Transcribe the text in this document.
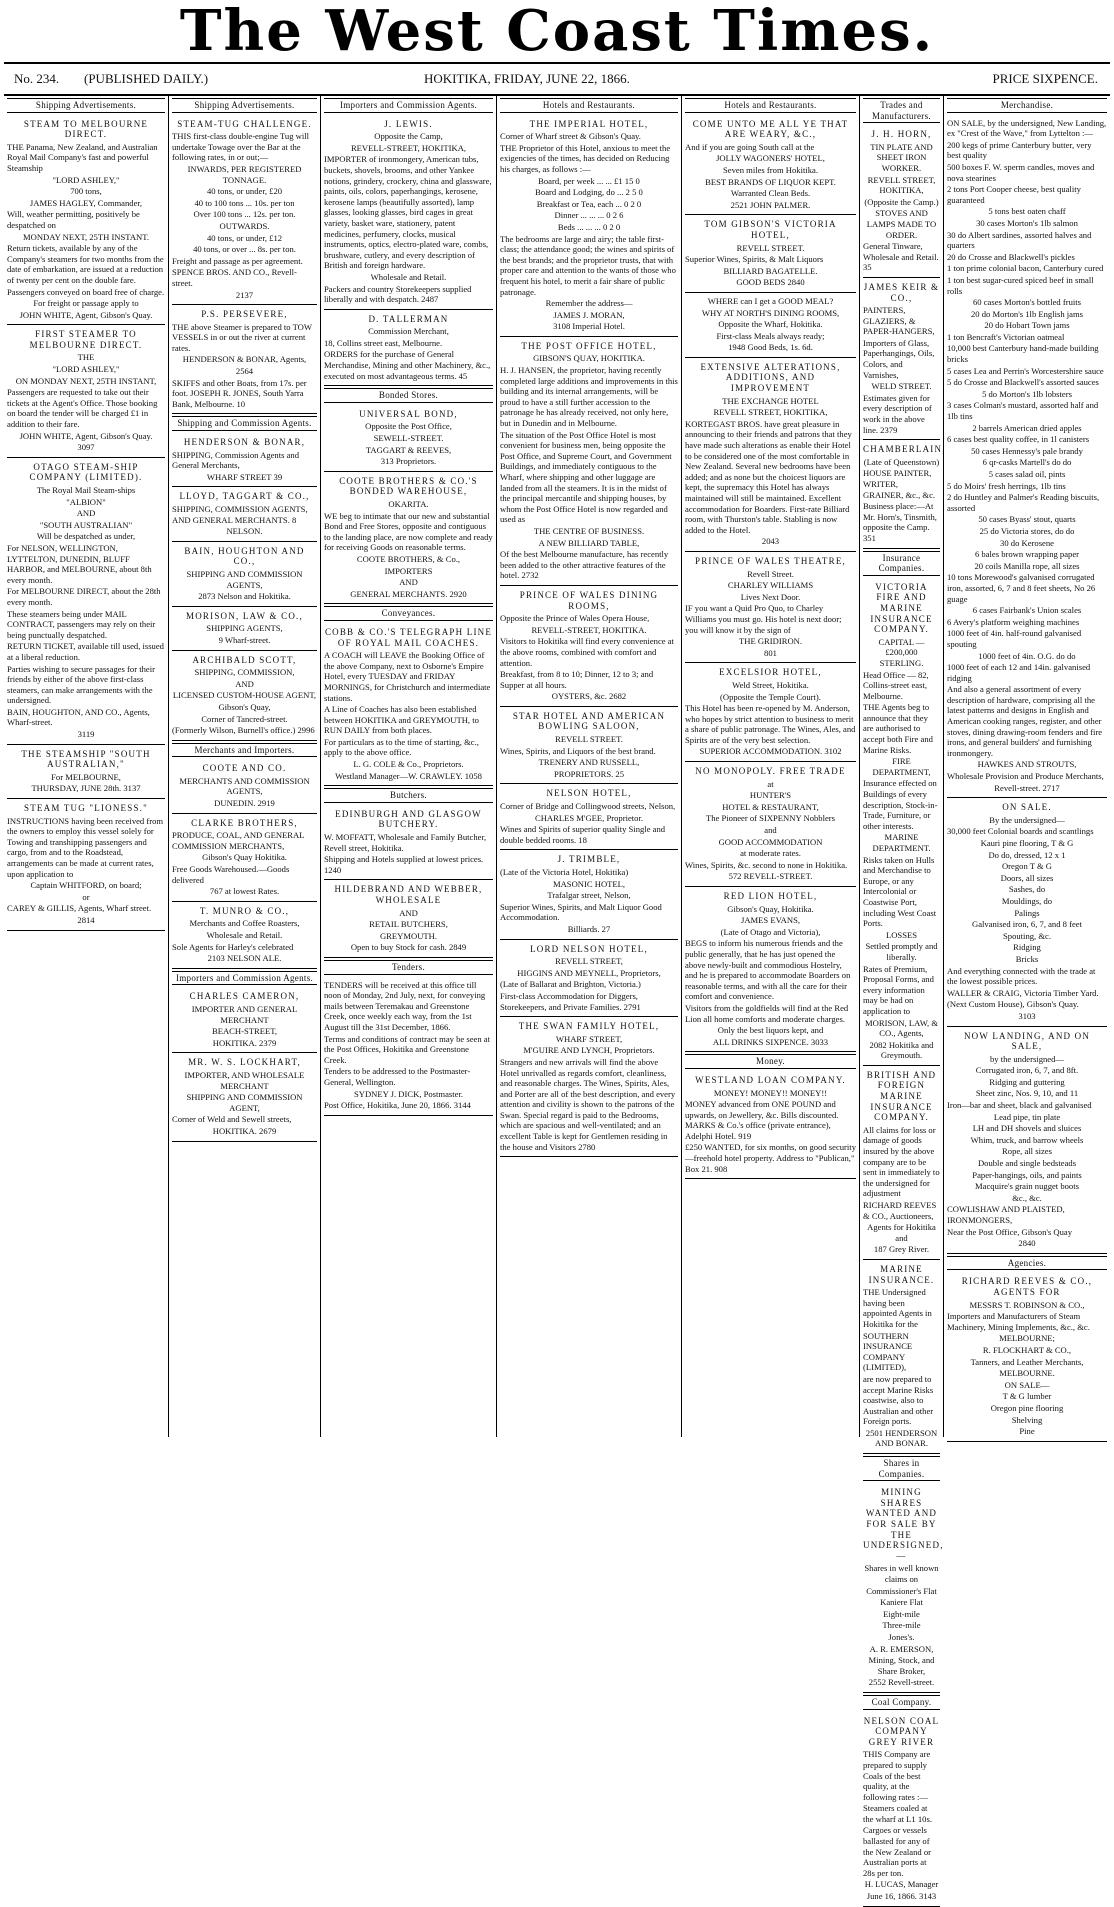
The West Coast Times.
No. 234. (PUBLISHED DAILY.)	HOKITIKA, FRIDAY, JUNE 22, 1866.	PRICE SIXPENCE.
Shipping Advertisements.
STEAM TO MELBOURNE DIRECT.

THE Panama, New Zealand, and Australian Royal Mail Company's fast and powerful Steamship

"LORD ASHLEY,"

700 tons,

JAMES HAGLEY, Commander,

Will, weather permitting, positively be despatched on

MONDAY NEXT, 25TH INSTANT.

Return tickets, available by any of the Company's steamers for two months from the date of embarkation, are issued at a reduction of twenty per cent on the double fare.

Passengers conveyed on board free of charge.

For freight or passage apply to

JOHN WHITE, Agent, Gibson's Quay.

FIRST STEAMER TO MELBOURNE DIRECT.

THE

"LORD ASHLEY,"

ON MONDAY NEXT, 25TH INSTANT,

Passengers are requested to take out their tickets at the Agent's Office. Those booking on board the tender will be charged £1 in addition to their fare.

JOHN WHITE, Agent, Gibson's Quay.

3097

OTAGO STEAM-SHIP COMPANY (LIMITED).

The Royal Mail Steam-ships

"ALBION"

AND

"SOUTH AUSTRALIAN"

Will be despatched as under,

For NELSON, WELLINGTON, LYTTELTON, DUNEDIN, BLUFF HARBOR, and MELBOURNE, about 8th every month.

For MELBOURNE DIRECT, about the 28th every month.

These steamers being under MAIL CONTRACT, passengers may rely on their being punctually despatched.

RETURN TICKET, available till used, issued at a liberal reduction.

Parties wishing to secure passages for their friends by either of the above first-class steamers, can make arrangements with the undersigned.

BAIN, HOUGHTON, AND CO., Agents, Wharf-street.

3119

THE STEAMSHIP "SOUTH AUSTRALIAN,"

For MELBOURNE,

THURSDAY, JUNE 28th. 3137

STEAM TUG "LIONESS."

INSTRUCTIONS having been received from the owners to employ this vessel solely for Towing and transhipping passengers and cargo, from and to the Roadstead, arrangements can be made at current rates, upon application to

Captain WHITFORD, on board;

or

CAREY & GILLIS, Agents, Wharf street.

2814

Shipping Advertisements.
STEAM-TUG CHALLENGE.

THIS first-class double-engine Tug will undertake Towage over the Bar at the following rates, in or out;—

INWARDS, PER REGISTERED TONNAGE.

40 tons, or under, £20

40 to 100 tons ... 10s. per ton

Over 100 tons ... 12s. per ton.

OUTWARDS.

40 tons, or under, £12

40 tons, or over ... 8s. per ton.

Freight and passage as per agreement.

SPENCE BROS. AND CO., Revell-street.

2137

P.S. PERSEVERE,

THE above Steamer is prepared to TOW VESSELS in or out the river at current rates.

HENDERSON & BONAR, Agents,

2564

SKIFFS and other Boats, from 17s. per foot. JOSEPH R. JONES, South Yarra Bank, Melbourne. 10

Shipping and Commission Agents.
HENDERSON & BONAR,

SHIPPING, Commission Agents and General Merchants,

WHARF STREET 39

LLOYD, TAGGART & CO.,

SHIPPING, COMMISSION AGENTS, AND GENERAL MERCHANTS. 8

NELSON.

BAIN, HOUGHTON AND CO.,

SHIPPING AND COMMISSION AGENTS,

2873 Nelson and Hokitika.

MORISON, LAW & CO.,

SHIPPING AGENTS,

9 Wharf-street.

ARCHIBALD SCOTT,

SHIPPING, COMMISSION,

AND

LICENSED CUSTOM-HOUSE AGENT,

Gibson's Quay,

Corner of Tancred-street.

(Formerly Wilson, Burnell's office.) 2996

Merchants and Importers.
COOTE AND CO.

MERCHANTS AND COMMISSION AGENTS,

DUNEDIN. 2919

CLARKE BROTHERS,

PRODUCE, COAL, AND GENERAL COMMISSION MERCHANTS,

Gibson's Quay Hokitika.

Free Goods Warehoused.—Goods delivered

767 at lowest Rates.

T. MUNRO & CO.,

Merchants and Coffee Roasters,

Wholesale and Retail.

Sole Agents for Harley's celebrated

2103 NELSON ALE.

Importers and Commission Agents.
CHARLES CAMERON,

IMPORTER AND GENERAL MERCHANT

BEACH-STREET,

HOKITIKA. 2379

MR. W. S. LOCKHART,

IMPORTER, AND WHOLESALE MERCHANT

SHIPPING AND COMMISSION AGENT,

Corner of Weld and Sewell streets,

HOKITIKA. 2679

Importers and Commission Agents.
J. LEWIS.

Opposite the Camp,

REVELL-STREET, HOKITIKA,

IMPORTER of ironmongery, American tubs, buckets, shovels, brooms, and other Yankee notions, grindery, crockery, china and glassware, paints, oils, colors, paperhangings, kerosene, kerosene lamps (beautifully assorted), lamp glasses, looking glasses, bird cages in great variety, basket ware, stationery, patent medicines, perfumery, clocks, musical instruments, optics, electro-plated ware, combs, brushware, cutlery, and every description of British and foreign hardware.

Wholesale and Retail.

Packers and country Storekeepers supplied liberally and with despatch. 2487

D. TALLERMAN

Commission Merchant,

18, Collins street east, Melbourne.

ORDERS for the purchase of General Merchandise, Mining and other Machinery, &c., executed on most advantageous terms. 45

Bonded Stores.
UNIVERSAL BOND,

Opposite the Post Office,

SEWELL-STREET.

TAGGART & REEVES,

313 Proprietors.

COOTE BROTHERS & CO.'S BONDED WAREHOUSE,

OKARITA.

WE beg to intimate that our new and substantial Bond and Free Stores, opposite and contiguous to the landing place, are now complete and ready for receiving Goods on reasonable terms.

COOTE BROTHERS, & Co.,

IMPORTERS

AND

GENERAL MERCHANTS. 2920

Conveyances.
COBB & CO.'S TELEGRAPH LINE OF ROYAL MAIL COACHES.

A COACH will LEAVE the Booking Office of the above Company, next to Osborne's Empire Hotel, every TUESDAY and FRIDAY MORNINGS, for Christchurch and intermediate stations.

A Line of Coaches has also been established between HOKITIKA and GREYMOUTH, to RUN DAILY from both places.

For particulars as to the time of starting, &c., apply to the above office.

L. G. COLE & Co., Proprietors.

Westland Manager—W. CRAWLEY. 1058

Butchers.
EDINBURGH AND GLASGOW BUTCHERY.

W. MOFFATT, Wholesale and Family Butcher, Revell street, Hokitika.

Shipping and Hotels supplied at lowest prices. 1240

HILDEBRAND AND WEBBER, WHOLESALE

AND

RETAIL BUTCHERS,

GREYMOUTH.

Open to buy Stock for cash. 2849

Tenders.

TENDERS will be received at this office till noon of Monday, 2nd July, next, for conveying mails between Teremakau and Greenstone Creek, once weekly each way, from the 1st August till the 31st December, 1866.

Terms and conditions of contract may be seen at the Post Offices, Hokitika and Greenstone Creek.

Tenders to be addressed to the Postmaster-General, Wellington.

SYDNEY J. DICK, Postmaster.

Post Office, Hokitika, June 20, 1866. 3144

Hotels and Restaurants.
THE IMPERIAL HOTEL,

Corner of Wharf street & Gibson's Quay.

THE Proprietor of this Hotel, anxious to meet the exigencies of the times, has decided on Reducing his charges, as follows :—

Board, per week ... ... £1 15 0

Board and Lodging, do ... 2 5 0

Breakfast or Tea, each ... 0 2 0

Dinner ... ... ... 0 2 6

Beds ... ... ... 0 2 0

The bedrooms are large and airy; the table first-class; the attendance good; the wines and spirits of the best brands; and the proprietor trusts, that with proper care and attention to the wants of those who frequent his hotel, to merit a fair share of public patronage.

Remember the address—

JAMES J. MORAN,

3108 Imperial Hotel.

THE POST OFFICE HOTEL,

GIBSON'S QUAY, HOKITIKA.

H. J. HANSEN, the proprietor, having recently completed large additions and improvements in this building and its internal arrangements, will be proud to have a still further accession to the patronage he has already received, not only here, but in Dunedin and in Melbourne.

The situation of the Post Office Hotel is most convenient for business men, being opposite the Post Office, and Supreme Court, and Government Buildings, and immediately contiguous to the Wharf, where shipping and other luggage are landed from all the steamers. It is in the midst of the principal mercantile and shipping houses, by whom the Post Office Hotel is now regarded and used as

THE CENTRE OF BUSINESS.

A NEW BILLIARD TABLE,

Of the best Melbourne manufacture, has recently been added to the other attractive features of the hotel. 2732

PRINCE OF WALES DINING ROOMS,

Opposite the Prince of Wales Opera House,

REVELL-STREET, HOKITIKA.

Visitors to Hokitika will find every convenience at the above rooms, combined with comfort and attention.

Breakfast, from 8 to 10; Dinner, 12 to 3; and Supper at all hours.

OYSTERS, &c. 2682

STAR HOTEL AND AMERICAN BOWLING SALOON,

REVELL STREET.

Wines, Spirits, and Liquors of the best brand.

TRENERY AND RUSSELL,

PROPRIETORS. 25

NELSON HOTEL,

Corner of Bridge and Collingwood streets, Nelson,

CHARLES M'GEE, Proprietor.

Wines and Spirits of superior quality Single and double bedded rooms. 18

J. TRIMBLE,

(Late of the Victoria Hotel, Hokitika)

MASONIC HOTEL,

Trafalgar street, Nelson,

Superior Wines, Spirits, and Malt Liquor Good Accommodation.

Billiards. 27

LORD NELSON HOTEL,

REVELL STREET,

HIGGINS AND MEYNELL, Proprietors,

(Late of Ballarat and Brighton, Victoria.)

First-class Accommodation for Diggers, Storekeepers, and Private Families. 2791

THE SWAN FAMILY HOTEL,

WHARF STREET,

M'GUIRE AND LYNCH, Proprietors.

Strangers and new arrivals will find the above Hotel unrivalled as regards comfort, cleanliness, and reasonable charges. The Wines, Spirits, Ales, and Porter are all of the best description, and every attention and civility is shown to the patrons of the Swan. Special regard is paid to the Bedrooms, which are spacious and well-ventilated; and an excellent Table is kept for Gentlemen residing in the house and Visitors 2780

Hotels and Restaurants.
COME UNTO ME ALL YE THAT ARE WEARY, &C.,

And if you are going South call at the

JOLLY WAGONERS' HOTEL,

Seven miles from Hokitika.

BEST BRANDS OF LIQUOR KEPT.

Warranted Clean Beds.

2521 JOHN PALMER.

TOM GIBSON'S VICTORIA HOTEL,

REVELL STREET.

Superior Wines, Spirits, & Malt Liquors

BILLIARD BAGATELLE.

GOOD BEDS 2840

WHERE can I get a GOOD MEAL?

WHY AT NORTH'S DINING ROOMS,

Opposite the Wharf, Hokitika.

First-class Meals always ready;

1948 Good Beds, 1s. 6d.

EXTENSIVE ALTERATIONS, ADDITIONS, AND IMPROVEMENT

THE EXCHANGE HOTEL

REVELL STREET, HOKITIKA,

KORTEGAST BROS. have great pleasure in announcing to their friends and patrons that they have made such alterations as enable their Hotel to be considered one of the most comfortable in New Zealand. Several new bedrooms have been added; and as none but the choicest liquors are kept, the supremacy this Hotel has always maintained will still be maintained. Excellent accommodation for Boarders. First-rate Billiard room, with Thurston's table. Stabling is now added to the Hotel.

2043

PRINCE OF WALES THEATRE,

Revell Street.

CHARLEY WILLIAMS

Lives Next Door.

IF you want a Quid Pro Quo, to Charley Williams you must go. His hotel is next door; you will know it by the sign of

THE GRIDIRON.

801

EXCELSIOR HOTEL,

Weld Street, Hokitika.

(Opposite the Temple Court).

This Hotel has been re-opened by M. Anderson, who hopes by strict attention to business to merit a share of public patronage. The Wines, Ales, and Spirits are of the very best selection.

SUPERIOR ACCOMMODATION. 3102

NO MONOPOLY. FREE TRADE

at

HUNTER'S

HOTEL & RESTAURANT,

The Pioneer of SIXPENNY Nobblers

and

GOOD ACCOMMODATION

at moderate rates.

Wines, Spirits, &c. second to none in Hokitika.

572 REVELL-STREET.

RED LION HOTEL,

Gibson's Quay, Hokitika.

JAMES EVANS,

(Late of Otago and Victoria),

BEGS to inform his numerous friends and the public generally, that he has just opened the above newly-built and commodious Hostelry, and he is prepared to accommodate Boarders on reasonable terms, and with all the care for their comfort and convenience.

Visitors from the goldfields will find at the Red Lion all home comforts and moderate charges.

Only the best liquors kept, and

ALL DRINKS SIXPENCE. 3033

Money.
WESTLAND LOAN COMPANY.

MONEY! MONEY!! MONEY!!

MONEY advanced from ONE POUND and upwards, on Jewellery, &c. Bills discounted. MARKS & Co.'s office (private entrance), Adelphi Hotel. 919

£250 WANTED, for six months, on good security—freehold hotel property. Address to "Publican," Box 21. 908

Trades and Manufacturers.
J. H. HORN,

TIN PLATE AND SHEET IRON WORKER.

REVELL STREET, HOKITIKA,

(Opposite the Camp.)

STOVES AND LAMPS MADE TO ORDER.

General Tinware, Wholesale and Retail. 35

JAMES KEIR & CO.,

PAINTERS, GLAZIERS, & PAPER-HANGERS,

Importers of Glass, Paperhangings, Oils, Colors, and Varnishes,

WELD STREET.

Estimates given for every description of work in the above line. 2379

CHAMBERLAIN,

(Late of Queenstown)

HOUSE PAINTER, WRITER, GRAINER, &c., &c.

Business place:—At Mr. Horn's, Tinsmith, opposite the Camp. 351

Insurance Companies.
VICTORIA FIRE AND MARINE INSURANCE COMPANY.

CAPITAL — £200,000 STERLING.

Head Office — 82, Collins-street east, Melbourne.

THE Agents beg to announce that they are authorised to accept both Fire and Marine Risks.

FIRE DEPARTMENT,

Insurance effected on Buildings of every description, Stock-in-Trade, Furniture, or other interests.

MARINE DEPARTMENT.

Risks taken on Hulls and Merchandise to Europe, or any Intercolonial or Coastwise Port, including West Coast Ports.

LOSSES

Settled promptly and liberally.

Rates of Premium, Proposal Forms, and every information may be had on application to

MORISON, LAW, & CO., Agents,

2082 Hokitika and Greymouth.

BRITISH AND FOREIGN MARINE INSURANCE COMPANY.

All claims for loss or damage of goods insured by the above company are to be sent in immediately to the undersigned for adjustment

RICHARD REEVES & CO., Auctioneers,

Agents for Hokitika and

187 Grey River.

MARINE INSURANCE.

THE Undersigned having been appointed Agents in Hokitika for the

SOUTHERN INSURANCE COMPANY (LIMITED),

are now prepared to accept Marine Risks coastwise, also to Australian and other Foreign ports.

2501 HENDERSON AND BONAR.

Shares in Companies.
MINING SHARES WANTED AND FOR SALE BY THE UNDERSIGNED,—

Shares in well known claims on

Commissioner's Flat

Kaniere Flat

Eight-mile

Three-mile

Jones's.

A. R. EMERSON,

Mining, Stock, and Share Broker,

2552 Revell-street.

Coal Company.
NELSON COAL COMPANY GREY RIVER

THIS Company are prepared to supply Coals of the best quality, at the following rates :—

Steamers coaled at the wharf at L1 10s.

Cargoes or vessels ballasted for any of the New Zealand or Australian ports at 28s per ton.

H. LUCAS, Manager

June 16, 1866. 3143

Merchandise.

ON SALE, by the undersigned, New Landing, ex "Crest of the Wave," from Lyttelton :—

200 kegs of prime Canterbury butter, very best quality

500 boxes F. W. sperm candles, moves and nova stearines

2 tons Port Cooper cheese, best quality guaranteed

5 tons best oaten chaff

30 cases Morton's 1lb salmon

30 do Albert sardines, assorted halves and quarters

20 do Crosse and Blackwell's pickles

1 ton prime colonial bacon, Canterbury cured

1 ton best sugar-cured spiced beef in small rolls

60 cases Morton's bottled fruits

20 do Morton's 1lb English jams

20 do Hobart Town jams

1 ton Bencraft's Victorian oatmeal

10,000 best Canterbury hand-made building bricks

5 cases Lea and Perrin's Worcestershire sauce

5 do Crosse and Blackwell's assorted sauces

5 do Morton's 1lb lobsters

3 cases Colman's mustard, assorted half and 1lb tins

2 barrels American dried apples

6 cases best quality coffee, in 1l canisters

50 cases Hennessy's pale brandy

6 qr-casks Martell's do do

5 cases salad oil, pints

5 do Moirs' fresh herrings, 1lb tins

2 do Huntley and Palmer's Reading biscuits, assorted

50 cases Byass' stout, quarts

25 do Victoria stores, do do

30 do Kerosene

6 bales brown wrapping paper

20 coils Manilla rope, all sizes

10 tons Morewood's galvanised corrugated iron, assorted, 6, 7 and 8 feet sheets, No 26 guage

6 cases Fairbank's Union scales

6 Avery's platform weighing machines

1000 feet of 4in. half-round galvanised spouting

1000 feet of 4in. O.G. do do

1000 feet of each 12 and 14in. galvanised ridging

And also a general assortment of every description of hardware, comprising all the latest patterns and designs in English and American cooking ranges, register, and other stoves, dining drawing-room fenders and fire irons, and general builders' and furnishing ironmongery.

HAWKES AND STROUTS,

Wholesale Provision and Produce Merchants,

Revell-street. 2717

ON SALE.

By the undersigned—

30,000 feet Colonial boards and scantlings

Kauri pine flooring, T & G

Do do, dressed, 12 x 1

Oregon T & G

Doors, all sizes

Sashes, do

Mouldings, do

Palings

Galvanised iron, 6, 7, and 8 feet

Spouting, &c.

Ridging

Bricks

And everything connected with the trade at the lowest possible prices.

WALLER & CRAIG, Victoria Timber Yard.

(Next Custom House), Gibson's Quay.

3103

NOW LANDING, AND ON SALE,

by the undersigned—

Corrugated iron, 6, 7, and 8ft.

Ridging and guttering

Sheet zinc, Nos. 9, 10, and 11

Iron—bar and sheet, black and galvanised

Lead pipe, tin plate

LH and DH shovels and sluices

Whim, truck, and barrow wheels

Rope, all sizes

Double and single bedsteads

Paper-hangings, oils, and paints

Macquire's grain nugget boots

&c., &c.

COWLISHAW AND PLAISTED, IRONMONGERS,

Near the Post Office, Gibson's Quay

2840

Agencies.
RICHARD REEVES & CO., AGENTS FOR

MESSRS T. ROBINSON & CO.,

Importers and Manufacturers of Steam Machinery, Mining Implements, &c., &c.

MELBOURNE;

R. FLOCKHART & CO.,

Tanners, and Leather Merchants,

MELBOURNE.

ON SALE—

T & G lumber

Oregon pine flooring

Shelving

Pine
